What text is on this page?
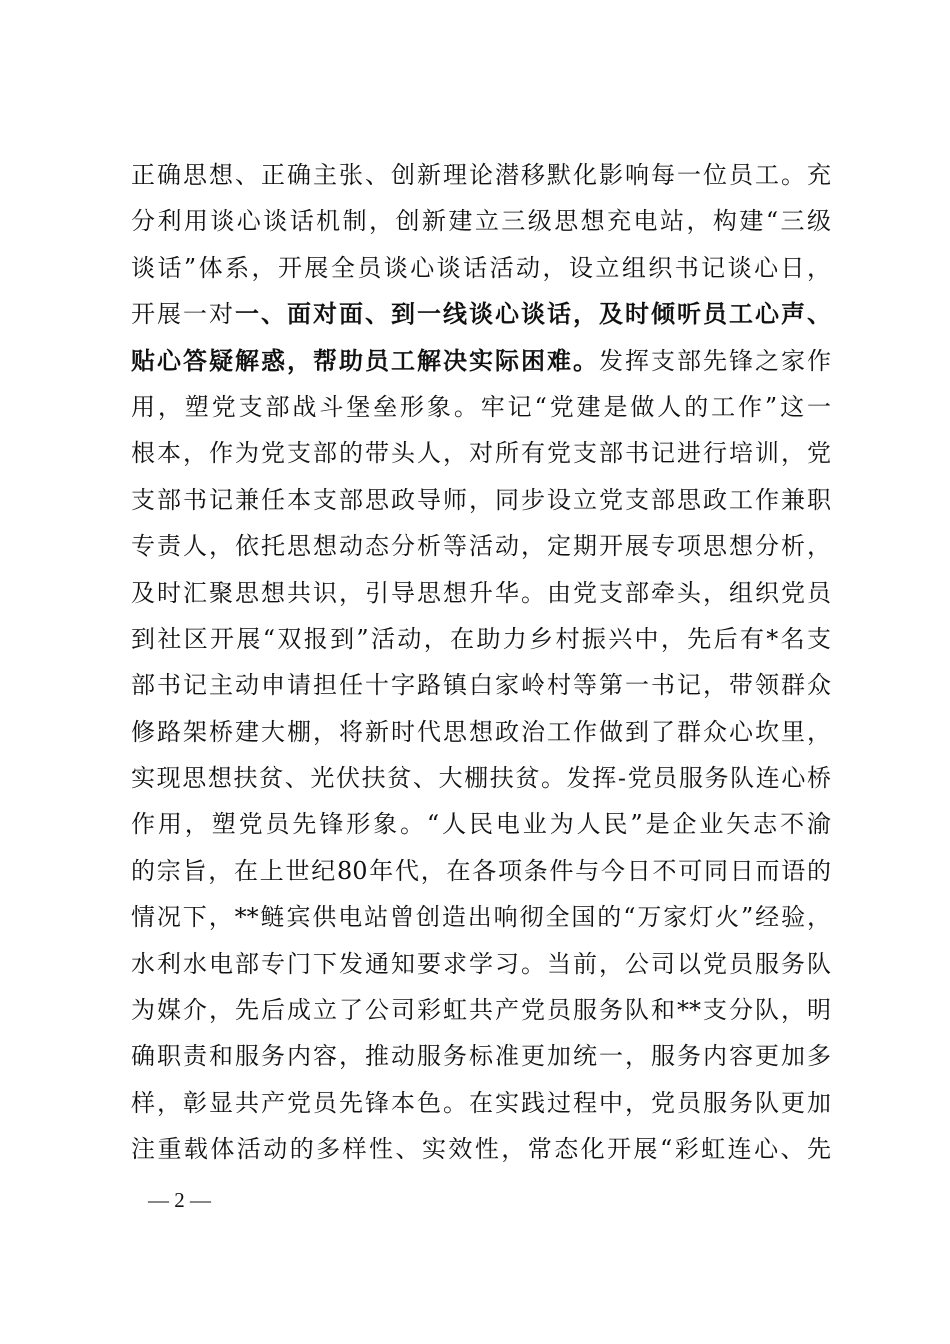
正确思想、正确主张、创新理论潜移默化影响每一位员工。充
分利用谈心谈话机制，创新建立三级思想充电站，构建“三级
谈话”体系，开展全员谈心谈话活动，设立组织书记谈心日，
开展一对一、面对面、到一线谈心谈话，及时倾听员工心声、
贴心答疑解惑，帮助员工解决实际困难。发挥支部先锋之家作
用，塑党支部战斗堡垒形象。牢记“党建是做人的工作”这一
根本，作为党支部的带头人，对所有党支部书记进行培训，党
支部书记兼任本支部思政导师，同步设立党支部思政工作兼职
专责人，依托思想动态分析等活动，定期开展专项思想分析，
及时汇聚思想共识，引导思想升华。由党支部牵头，组织党员
到社区开展“双报到”活动，在助力乡村振兴中，先后有*名支
部书记主动申请担任十字路镇白家岭村等第一书记，带领群众
修路架桥建大棚，将新时代思想政治工作做到了群众心坎里，
实现思想扶贫、光伏扶贫、大棚扶贫。发挥-党员服务队连心桥
作用，塑党员先锋形象。“人民电业为人民”是企业矢志不渝
的宗旨，在上世纪80年代，在各项条件与今日不可同日而语的
情况下，**鲢宾供电站曾创造出响彻全国的“万家灯火”经验，
水利水电部专门下发通知要求学习。当前，公司以党员服务队
为媒介，先后成立了公司彩虹共产党员服务队和**支分队，明
确职责和服务内容，推动服务标准更加统一，服务内容更加多
样，彰显共产党员先锋本色。在实践过程中，党员服务队更加
注重载体活动的多样性、实效性，常态化开展“彩虹连心、先
— 2 —
